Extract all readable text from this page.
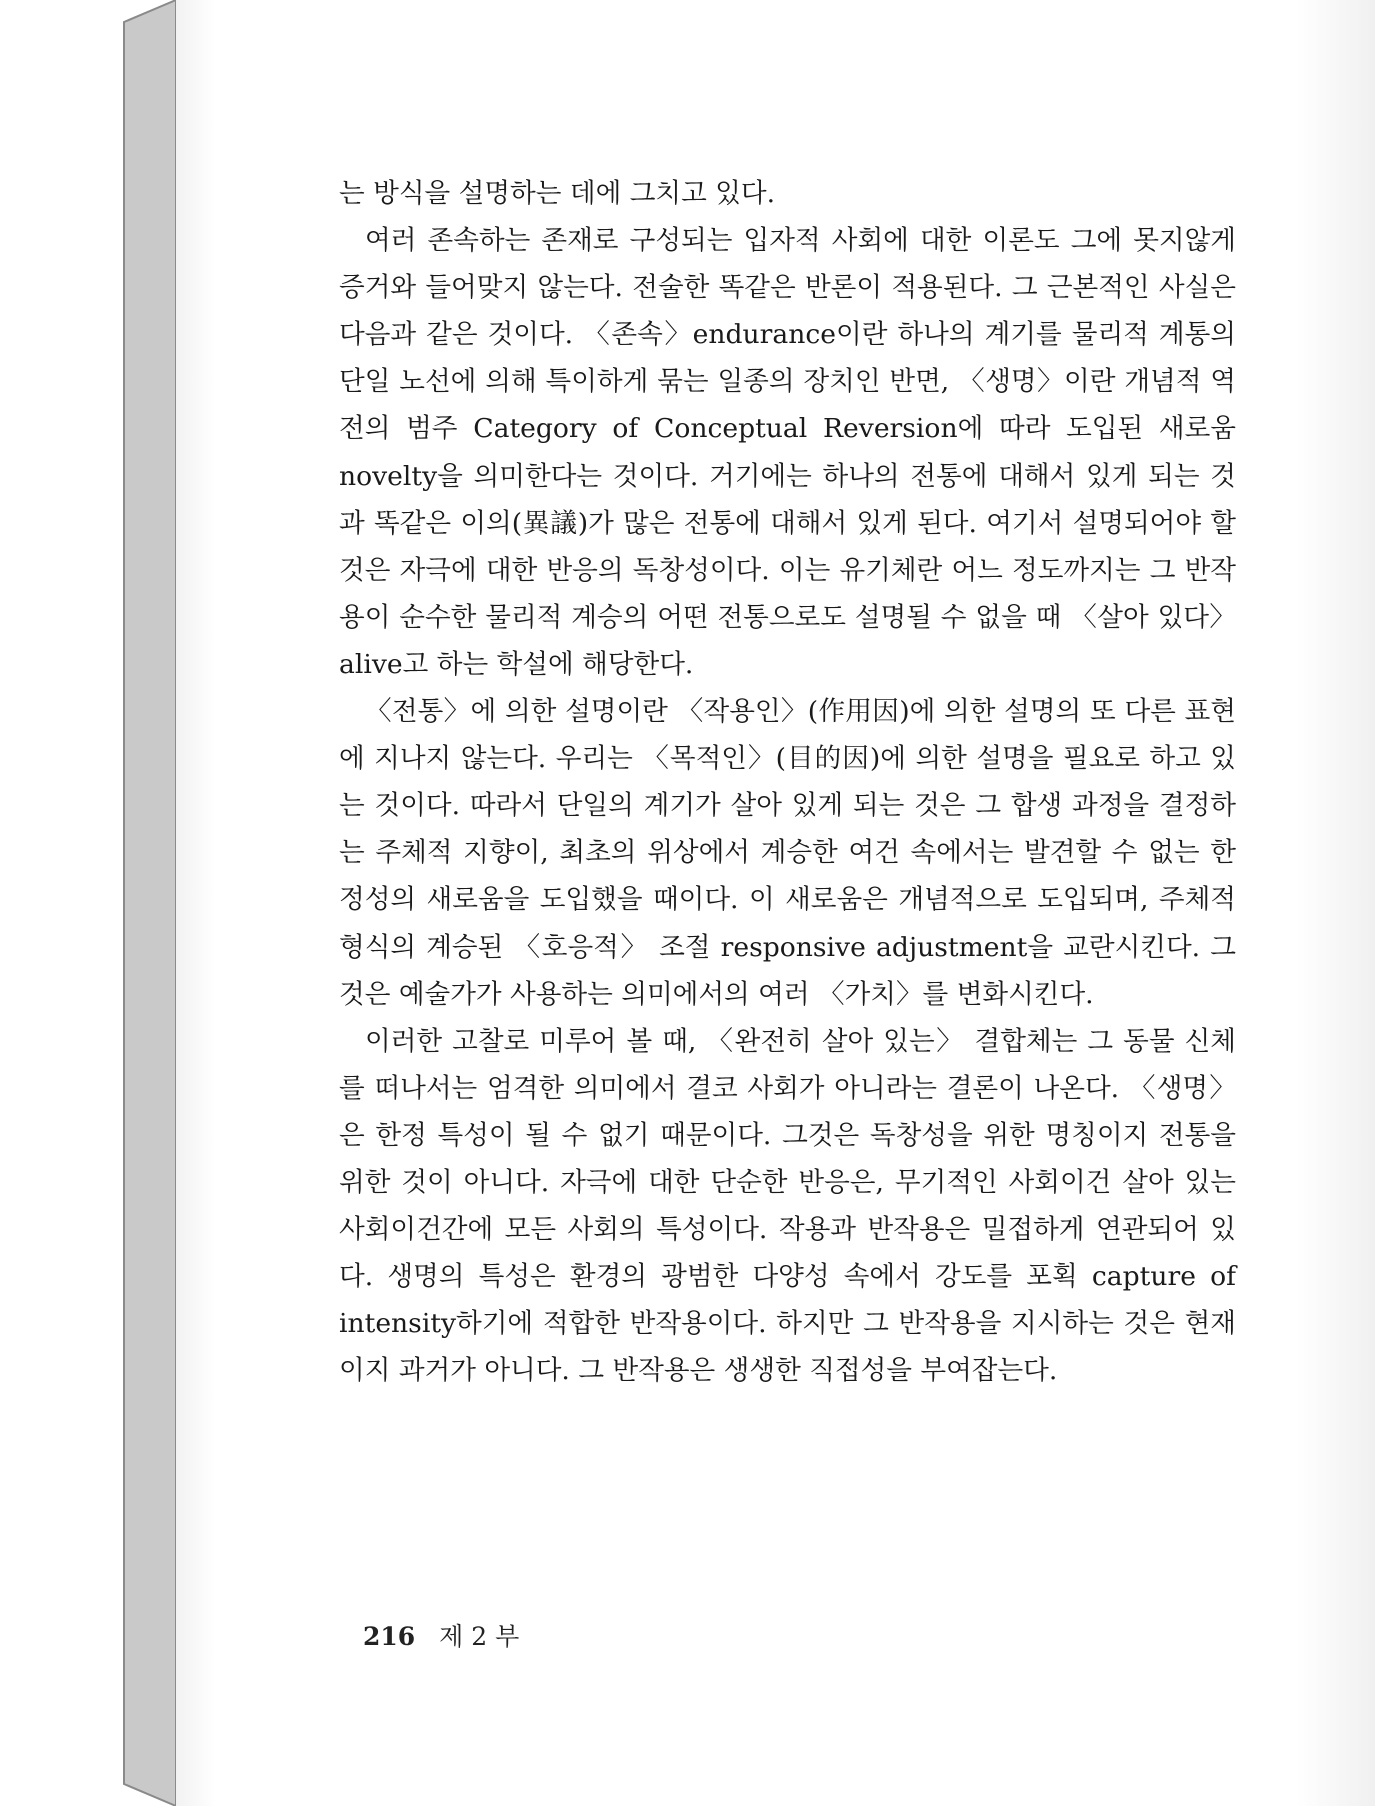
는 방식을 설명하는 데에 그치고 있다.

여러 존속하는 존재로 구성되는 입자적 사회에 대한 이론도 그에 못지않게 증거와 들어맞지 않는다. 전술한 똑같은 반론이 적용된다. 그 근본적인 사실은 다음과 같은 것이다. 〈존속〉endurance이란 하나의 계기를 물리적 계통의 단일 노선에 의해 특이하게 묶는 일종의 장치인 반면, 〈생명〉이란 개념적 역전의 범주 Category of Conceptual Reversion에 따라 도입된 새로움 novelty을 의미한다는 것이다. 거기에는 하나의 전통에 대해서 있게 되는 것과 똑같은 이의(異議)가 많은 전통에 대해서 있게 된다. 여기서 설명되어야 할 것은 자극에 대한 반응의 독창성이다. 이는 유기체란 어느 정도까지는 그 반작용이 순수한 물리적 계승의 어떤 전통으로도 설명될 수 없을 때 〈살아 있다〉alive고 하는 학설에 해당한다.

〈전통〉에 의한 설명이란 〈작용인〉(作用因)에 의한 설명의 또 다른 표현에 지나지 않는다. 우리는 〈목적인〉(目的因)에 의한 설명을 필요로 하고 있는 것이다. 따라서 단일의 계기가 살아 있게 되는 것은 그 합생 과정을 결정하는 주체적 지향이, 최초의 위상에서 계승한 여건 속에서는 발견할 수 없는 한정성의 새로움을 도입했을 때이다. 이 새로움은 개념적으로 도입되며, 주체적 형식의 계승된 〈호응적〉 조절 responsive adjustment을 교란시킨다. 그것은 예술가가 사용하는 의미에서의 여러 〈가치〉를 변화시킨다.

이러한 고찰로 미루어 볼 때, 〈완전히 살아 있는〉 결합체는 그 동물 신체를 떠나서는 엄격한 의미에서 결코 사회가 아니라는 결론이 나온다. 〈생명〉은 한정 특성이 될 수 없기 때문이다. 그것은 독창성을 위한 명칭이지 전통을 위한 것이 아니다. 자극에 대한 단순한 반응은, 무기적인 사회이건 살아 있는 사회이건간에 모든 사회의 특성이다. 작용과 반작용은 밀접하게 연관되어 있다. 생명의 특성은 환경의 광범한 다양성 속에서 강도를 포획 capture of intensity하기에 적합한 반작용이다. 하지만 그 반작용을 지시하는 것은 현재이지 과거가 아니다. 그 반작용은 생생한 직접성을 부여잡는다.

216 제 2 부
